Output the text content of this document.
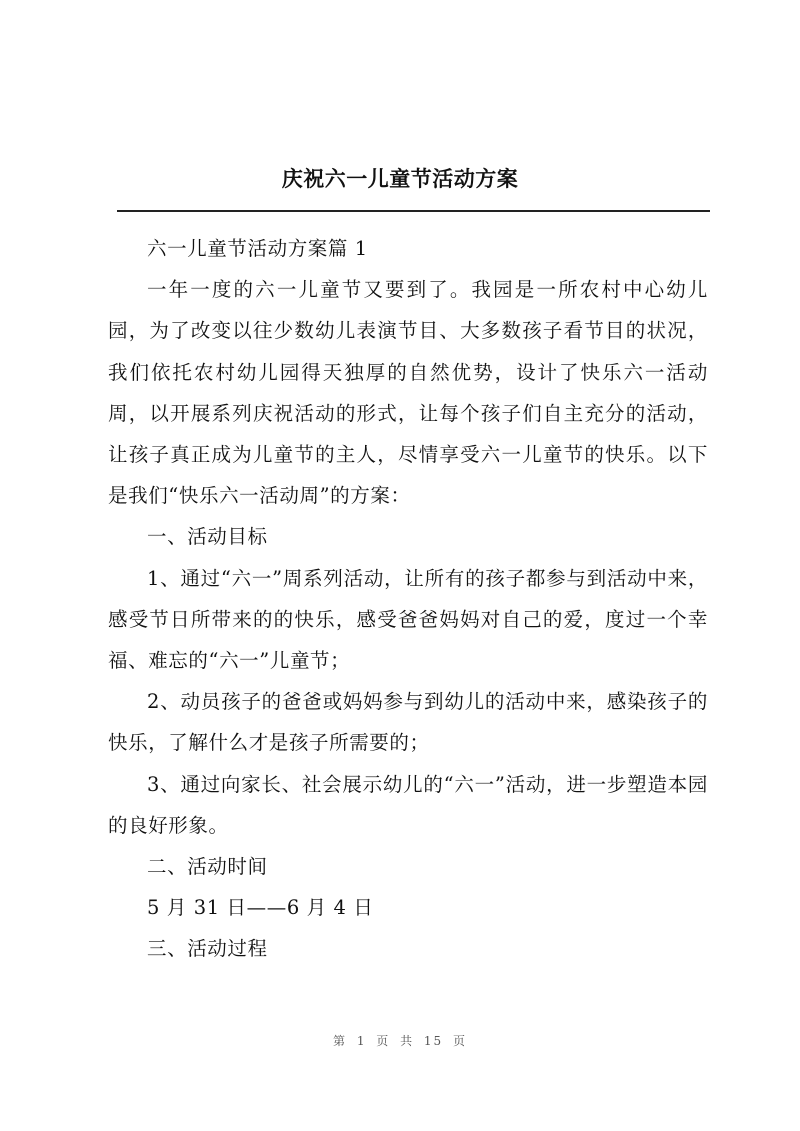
庆祝六一儿童节活动方案

六一儿童节活动方案篇 1

一年一度的六一儿童节又要到了。我园是一所农村中心幼儿园，为了改变以往少数幼儿表演节目、大多数孩子看节目的状况，我们依托农村幼儿园得天独厚的自然优势，设计了快乐六一活动周，以开展系列庆祝活动的形式，让每个孩子们自主充分的活动，让孩子真正成为儿童节的主人，尽情享受六一儿童节的快乐。以下是我们“快乐六一活动周”的方案：

一、活动目标

1、通过“六一”周系列活动，让所有的孩子都参与到活动中来，感受节日所带来的的快乐，感受爸爸妈妈对自己的爱，度过一个幸福、难忘的“六一”儿童节；

2、动员孩子的爸爸或妈妈参与到幼儿的活动中来，感染孩子的快乐，了解什么才是孩子所需要的；

3、通过向家长、社会展示幼儿的“六一”活动，进一步塑造本园的良好形象。

二、活动时间

5 月 31 日——6 月 4 日

三、活动过程

第 1 页 共 15 页
